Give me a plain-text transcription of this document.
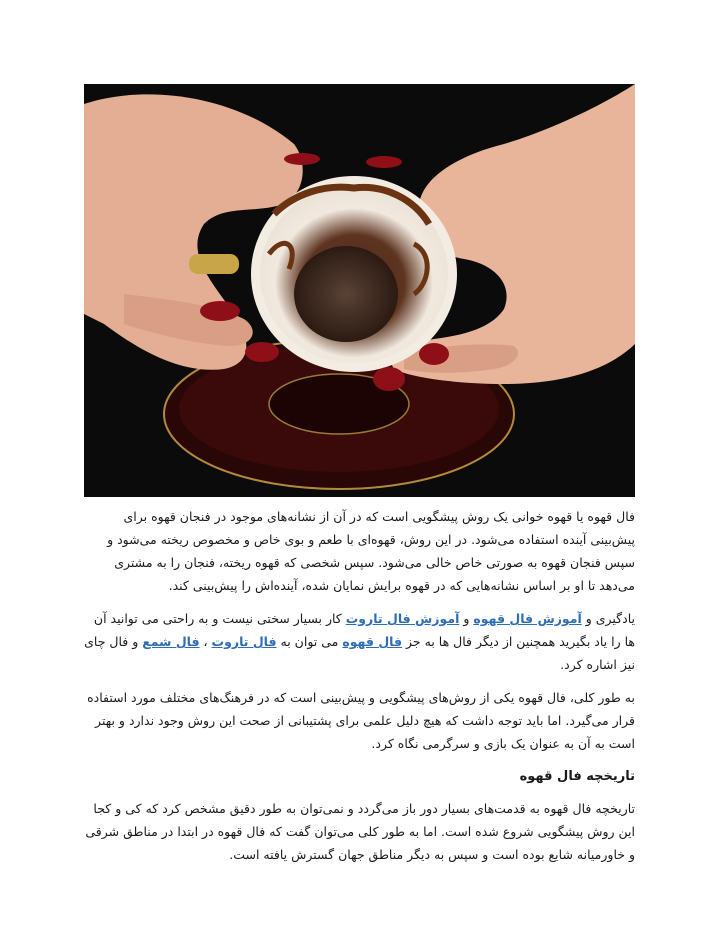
فال قهوه یا قهوه خوانی یک روش پیشگویی است که در آن از نشانه‌های موجود در فنجان قهوه برای پیش‌بینی آینده استفاده می‌شود. در این روش، قهوه‌ای با طعم و بوی خاص و مخصوص ریخته می‌شود و سپس فنجان قهوه به صورتی خاص خالی می‌شود. سپس شخصی که قهوه ریخته، فنجان را به مشتری می‌دهد تا او بر اساس نشانه‌هایی که در قهوه برایش نمایان شده، آینده‌اش را پیش‌بینی کند.

یادگیری و آموزش فال قهوه و آموزش فال تاروت کار بسیار سختی نیست و به راحتی می توانید آن ها را یاد بگیرید همچنین از دیگر فال ها به جز فال قهوه می توان به فال تاروت ، فال شمع و فال چای نیز اشاره کرد.

به طور کلی، فال قهوه یکی از روش‌های پیشگویی و پیش‌بینی است که در فرهنگ‌های مختلف مورد استفاده قرار می‌گیرد. اما باید توجه داشت که هیچ دلیل علمی برای پشتیبانی از صحت این روش وجود ندارد و بهتر است به آن به عنوان یک بازی و سرگرمی نگاه کرد.

تاریخچه فال قهوه

تاریخچه فال قهوه به قدمت‌های بسیار دور باز می‌گردد و نمی‌توان به طور دقیق مشخص کرد که کی و کجا این روش پیشگویی شروع شده است. اما به طور کلی می‌توان گفت که فال قهوه در ابتدا در مناطق شرقی و خاورمیانه شایع بوده است و سپس به دیگر مناطق جهان گسترش یافته است.
